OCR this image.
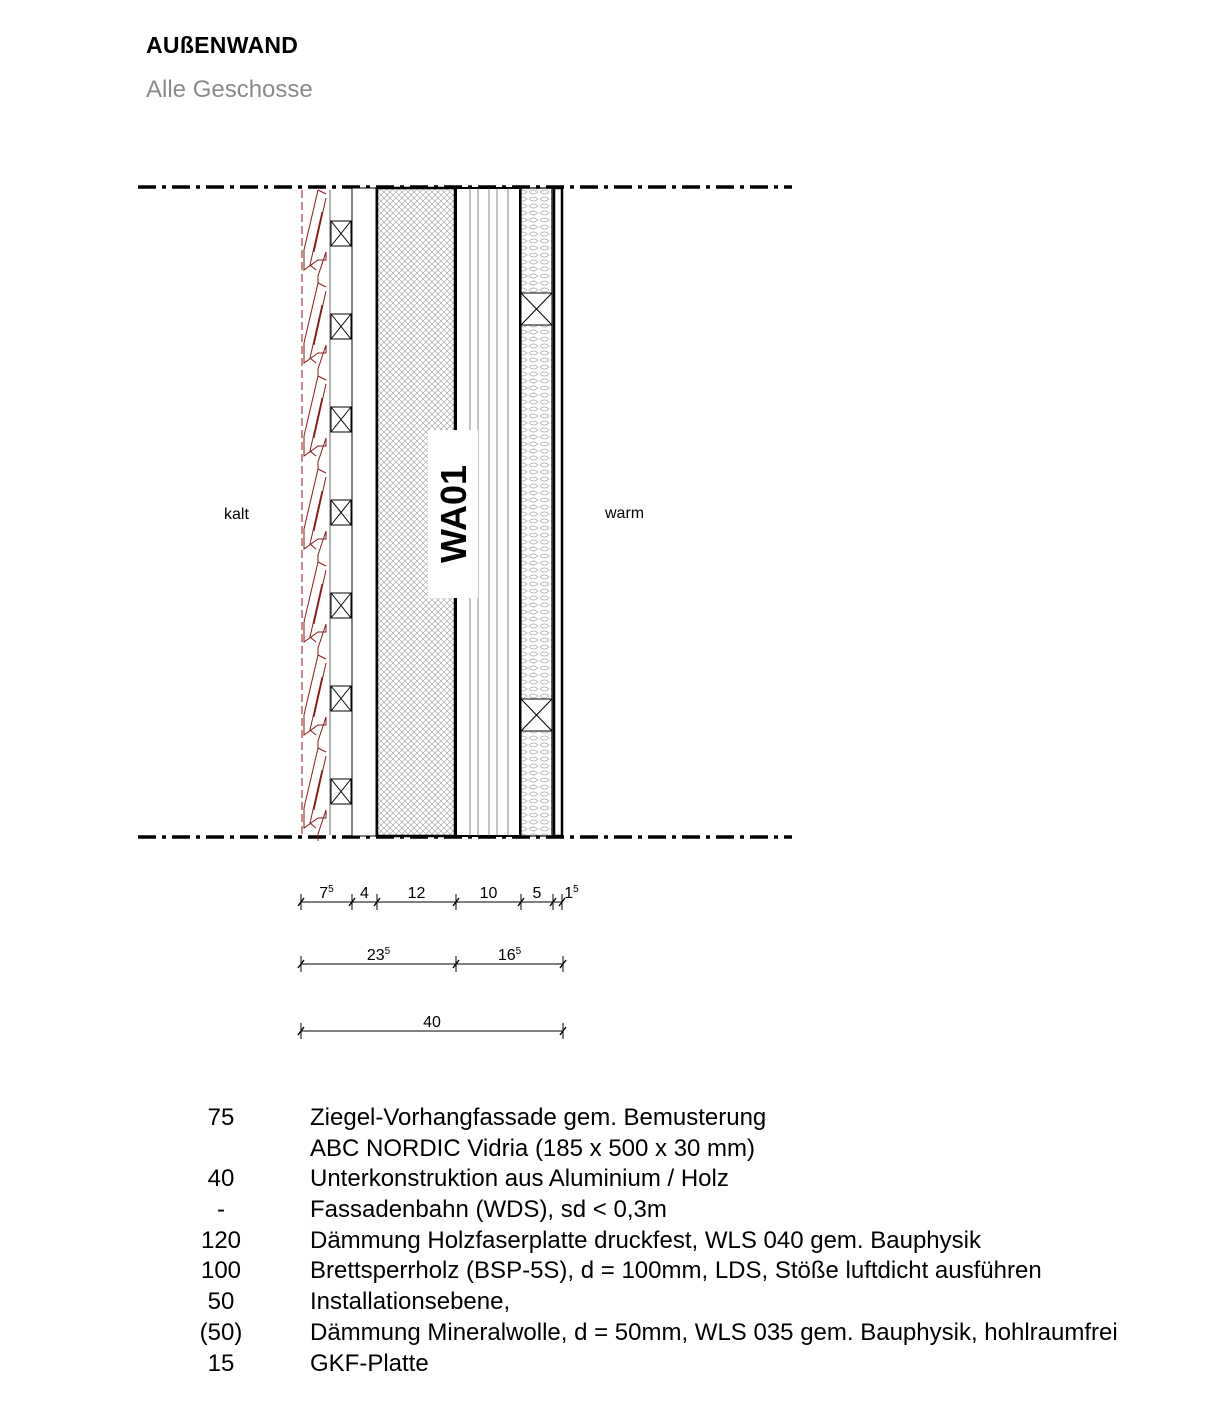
AUßENWAND
Alle Geschosse
WA01
kalt	warm
$7^5$ 4 12	10 5 $1^5$
$23^5$	$16^5$
40
75	Ziegel-Vorhangfassade gem. Bemusterung
ABC NORDIC Vidria (185 x 500 x 30 mm)
40	Unterkonstruktion aus Aluminium / Holz
-	Fassadenbahn (WDS), sd < 0,3m
120	Dämmung Holzfaserplatte druckfest, WLS 040 gem. Bauphysik
100	Brettsperrholz (BSP-5S), d = 100mm, LDS, Stöße luftdicht ausführen
50	Installationsebene,
(50)	Dämmung Mineralwolle, d = 50mm, WLS 035 gem. Bauphysik, hohlraumfrei
15	GKF-Platte
